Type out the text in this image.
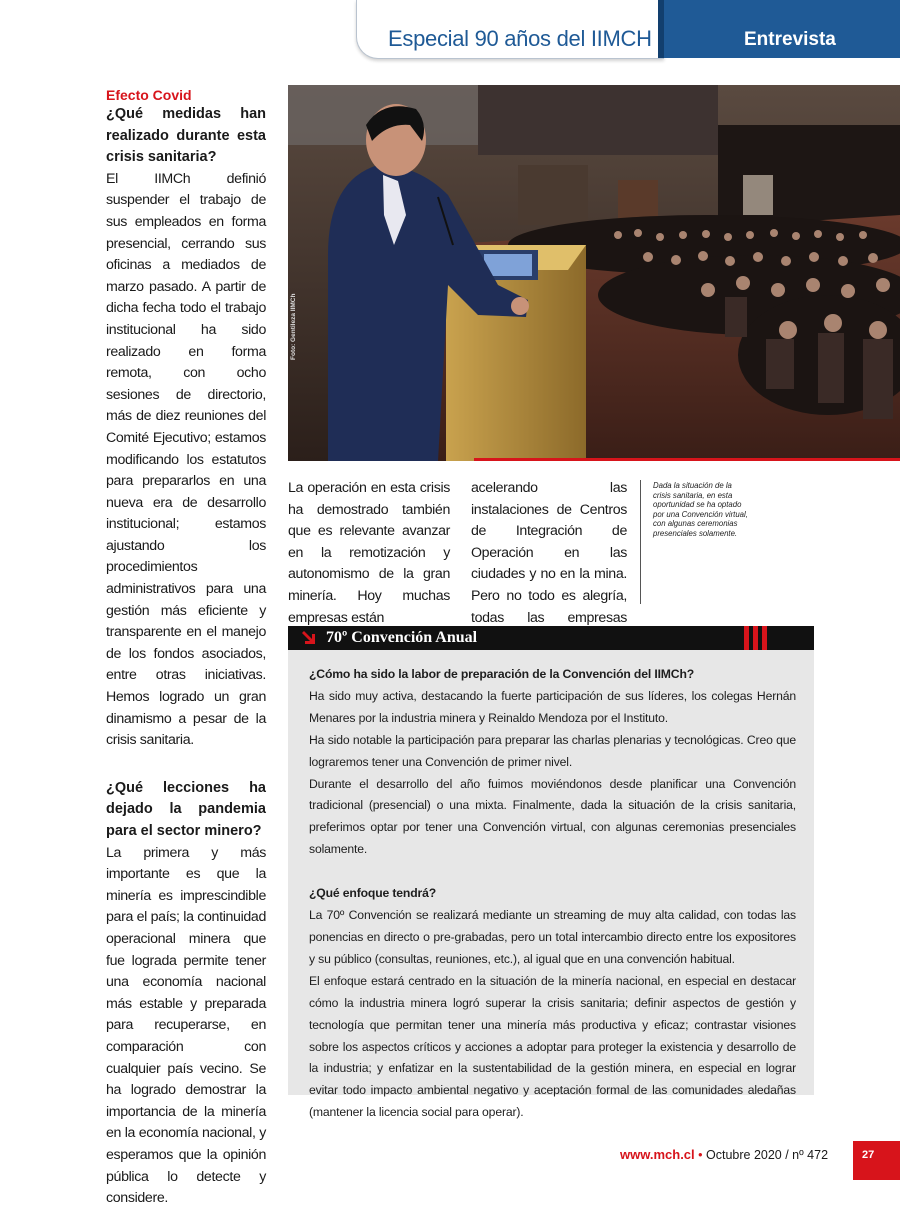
Especial 90 años del IIMCH	Entrevista
Efecto Covid
¿Qué medidas han realizado durante esta crisis sanitaria?
El IIMCh definió suspender el trabajo de sus empleados en forma presencial, cerrando sus oficinas a mediados de marzo pasado. A partir de dicha fecha todo el trabajo institucional ha sido realizado en forma remota, con ocho sesiones de directorio, más de diez reuniones del Comité Ejecutivo; estamos modificando los estatutos para prepararlos en una nueva era de desarrollo institucional; estamos ajustando los procedimientos administrativos para una gestión más eficiente y transparente en el manejo de los fondos asociados, entre otras iniciativas. Hemos logrado un gran dinamismo a pesar de la crisis sanitaria.
¿Qué lecciones ha dejado la pandemia para el sector minero?
La primera y más importante es que la minería es imprescindible para el país; la continuidad operacional minera que fue lograda permite tener una economía nacional más estable y preparada para recuperarse, en comparación con cualquier país vecino. Se ha logrado demostrar la importancia de la minería en la economía nacional, y esperamos que la opinión pública lo detecte y considere.
Foto: Gentileza IIMCh
La operación en esta crisis ha demostrado también que es relevante avanzar en la remotización y autonomismo de la gran minería. Hoy muchas empresas están
acelerando las instalaciones de Centros de Integración de Operación en las ciudades y no en la mina. Pero no todo es alegría, todas las empresas
Dada la situación de la crisis sanitaria, en esta oportunidad se ha optado por una Convención virtual, con algunas ceremonias presenciales solamente.
70º Convención Anual

¿Cómo ha sido la labor de preparación de la Convención del IIMCh?

Ha sido muy activa, destacando la fuerte participación de sus líderes, los colegas Hernán Menares por la industria minera y Reinaldo Mendoza por el Instituto.

Ha sido notable la participación para preparar las charlas plenarias y tecnológicas. Creo que lograremos tener una Convención de primer nivel.

Durante el desarrollo del año fuimos moviéndonos desde planificar una Convención tradicional (presencial) o una mixta. Finalmente, dada la situación de la crisis sanitaria, preferimos optar por tener una Convención virtual, con algunas ceremonias presenciales solamente.

¿Qué enfoque tendrá?

La 70º Convención se realizará mediante un streaming de muy alta calidad, con todas las ponencias en directo o pre-grabadas, pero un total intercambio directo entre los expositores y su público (consultas, reuniones, etc.), al igual que en una convención habitual.

El enfoque estará centrado en la situación de la minería nacional, en especial en destacar cómo la industria minera logró superar la crisis sanitaria; definir aspectos de gestión y tecnología que permitan tener una minería más productiva y eficaz; contrastar visiones sobre los aspectos críticos y acciones a adoptar para proteger la existencia y desarrollo de la industria; y enfatizar en la sustentabilidad de la gestión minera, en especial en lograr evitar todo impacto ambiental negativo y aceptación formal de las comunidades aledañas (mantener la licencia social para operar).

www.mch.cl • Octubre 2020 / nº 472	27
